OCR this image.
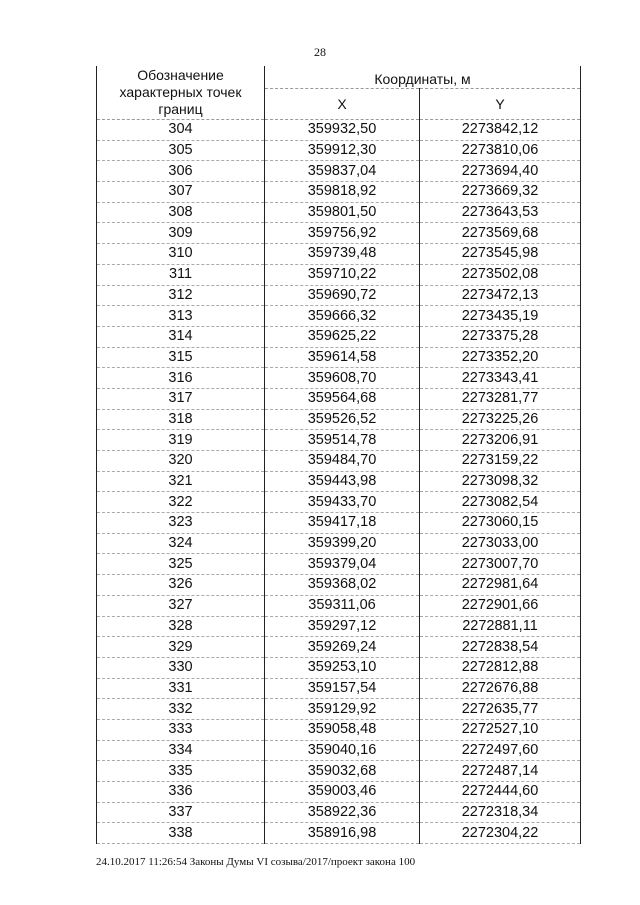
28
Обозначение характерных точек границ	Координаты, м	
	X	Y
304	359932,50	2273842,12
305	359912,30	2273810,06
306	359837,04	2273694,40
307	359818,92	2273669,32
308	359801,50	2273643,53
309	359756,92	2273569,68
310	359739,48	2273545,98
311	359710,22	2273502,08
312	359690,72	2273472,13
313	359666,32	2273435,19
314	359625,22	2273375,28
315	359614,58	2273352,20
316	359608,70	2273343,41
317	359564,68	2273281,77
318	359526,52	2273225,26
319	359514,78	2273206,91
320	359484,70	2273159,22
321	359443,98	2273098,32
322	359433,70	2273082,54
323	359417,18	2273060,15
324	359399,20	2273033,00
325	359379,04	2273007,70
326	359368,02	2272981,64
327	359311,06	2272901,66
328	359297,12	2272881,11
329	359269,24	2272838,54
330	359253,10	2272812,88
331	359157,54	2272676,88
332	359129,92	2272635,77
333	359058,48	2272527,10
334	359040,16	2272497,60
335	359032,68	2272487,14
336	359003,46	2272444,60
337	358922,36	2272318,34
338	358916,98	2272304,22
24.10.2017 11:26:54 Законы Думы VI созыва/2017/проект закона 100
